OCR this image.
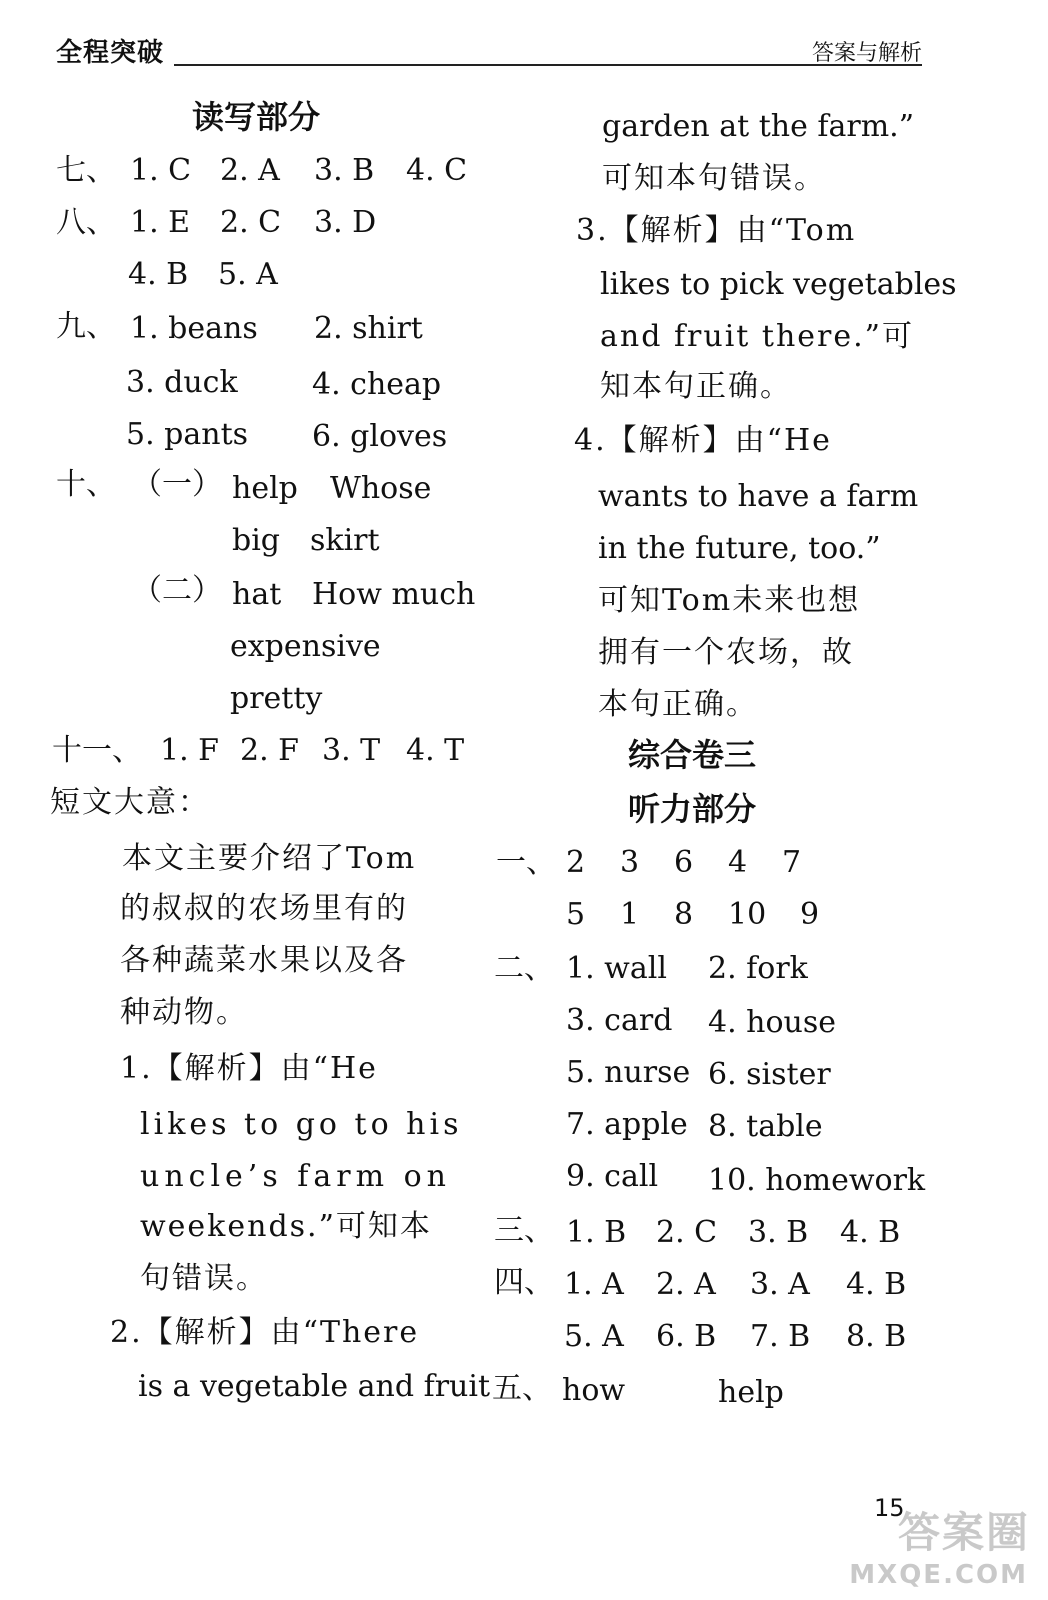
全程突破	答案与解析
读写部分
七、 1. C 2. A 3. B 4. C
八、 1. E 2. C 3. D
4. B 5. A
九、 1. beans 2. shirt
3. duck 4. cheap
5. pants 6. gloves
十、 （一） help Whose
big skirt
（二） hat How much
expensive
pretty
十一、 1. F 2. F 3. T 4. T
短文大意：
本文主要介绍了Tom
的叔叔的农场里有的
各种蔬菜水果以及各
种动物。
1.【解析】由“He
likes to go to his
uncle’s farm on
weekends.”可知本
句错误。
2.【解析】由“There
is a vegetable and fruit
garden at the farm.”
可知本句错误。
3.【解析】由“Tom
likes to pick vegetables
and fruit there.”可
知本句正确。
4.【解析】由“He
wants to have a farm
in the future, too.”
可知Tom未来也想
拥有一个农场，故
本句正确。
综合卷三
听力部分
一、 2 3 6 4 7
5 1 8 10 9
二、 1. wall 2. fork
3. card 4. house
5. nurse 6. sister
7. apple 8. table
9. call 10. homework
三、 1. B 2. C 3. B 4. B
四、 1. A 2. A 3. A 4. B
5. A 6. B 7. B 8. B
五、 how	help
答案圈
MXQE.COM
15
